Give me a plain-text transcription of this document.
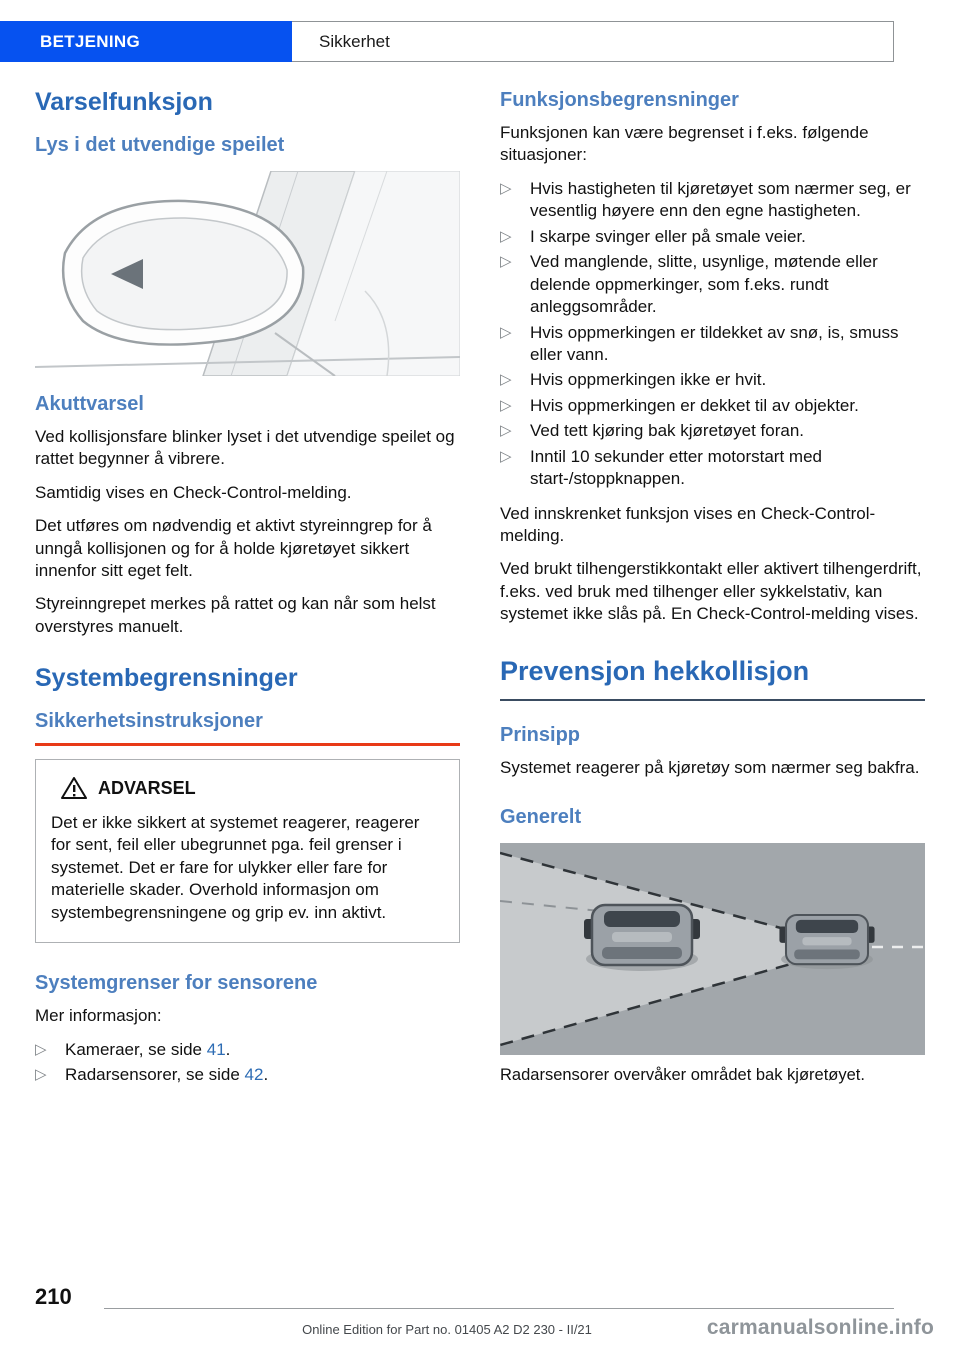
BETJENING	Sikkerhet
Varselfunksjon
Lys i det utvendige speilet
Akuttvarsel

Ved kollisjonsfare blinker lyset i det utvendige speilet og rattet begynner å vibrere.

Samtidig vises en Check-Control-melding.

Det utføres om nødvendig et aktivt styreinngrep for å unngå kollisjonen og for å holde kjøretøyet sikkert innenfor sitt eget felt.

Styreinngrepet merkes på rattet og kan når som helst overstyres manuelt.

Systembegrensninger
Sikkerhetsinstruksjoner
ADVARSEL

Det er ikke sikkert at systemet reagerer, reagerer for sent, feil eller ubegrunnet pga. feil grenser i systemet. Det er fare for ulykker eller fare for materielle skader. Overhold informasjon om systembegrensningene og grip ev. inn aktivt.

Systemgrenser for sensorene

Mer informasjon:

▷	Kameraer, se side 41.
▷	Radarsensorer, se side 42.
Funksjonsbegrensninger

Funksjonen kan være begrenset i f.eks. følgende situasjoner:

▷	Hvis hastigheten til kjøretøyet som nærmer seg, er vesentlig høyere enn den egne hastigheten.
▷	I skarpe svinger eller på smale veier.
▷	Ved manglende, slitte, usynlige, møtende eller delende oppmerkinger, som f.eks. rundt anleggsområder.
▷	Hvis oppmerkingen er tildekket av snø, is, smuss eller vann.
▷	Hvis oppmerkingen ikke er hvit.
▷	Hvis oppmerkingen er dekket til av objekter.
▷	Ved tett kjøring bak kjøretøyet foran.
▷	Inntil 10 sekunder etter motorstart med start-/stoppknappen.

Ved innskrenket funksjon vises en Check-Control-melding.

Ved brukt tilhengerstikkontakt eller aktivert tilhengerdrift, f.eks. ved bruk med tilhenger eller sykkelstativ, kan systemet ikke slås på. En Check-Control-melding vises.

Prevensjon hekkollisjon
Prinsipp

Systemet reagerer på kjøretøy som nærmer seg bakfra.

Generelt

Radarsensorer overvåker området bak kjøretøyet.

210
Online Edition for Part no. 01405 A2 D2 230 - II/21	carmanualsonline.info
